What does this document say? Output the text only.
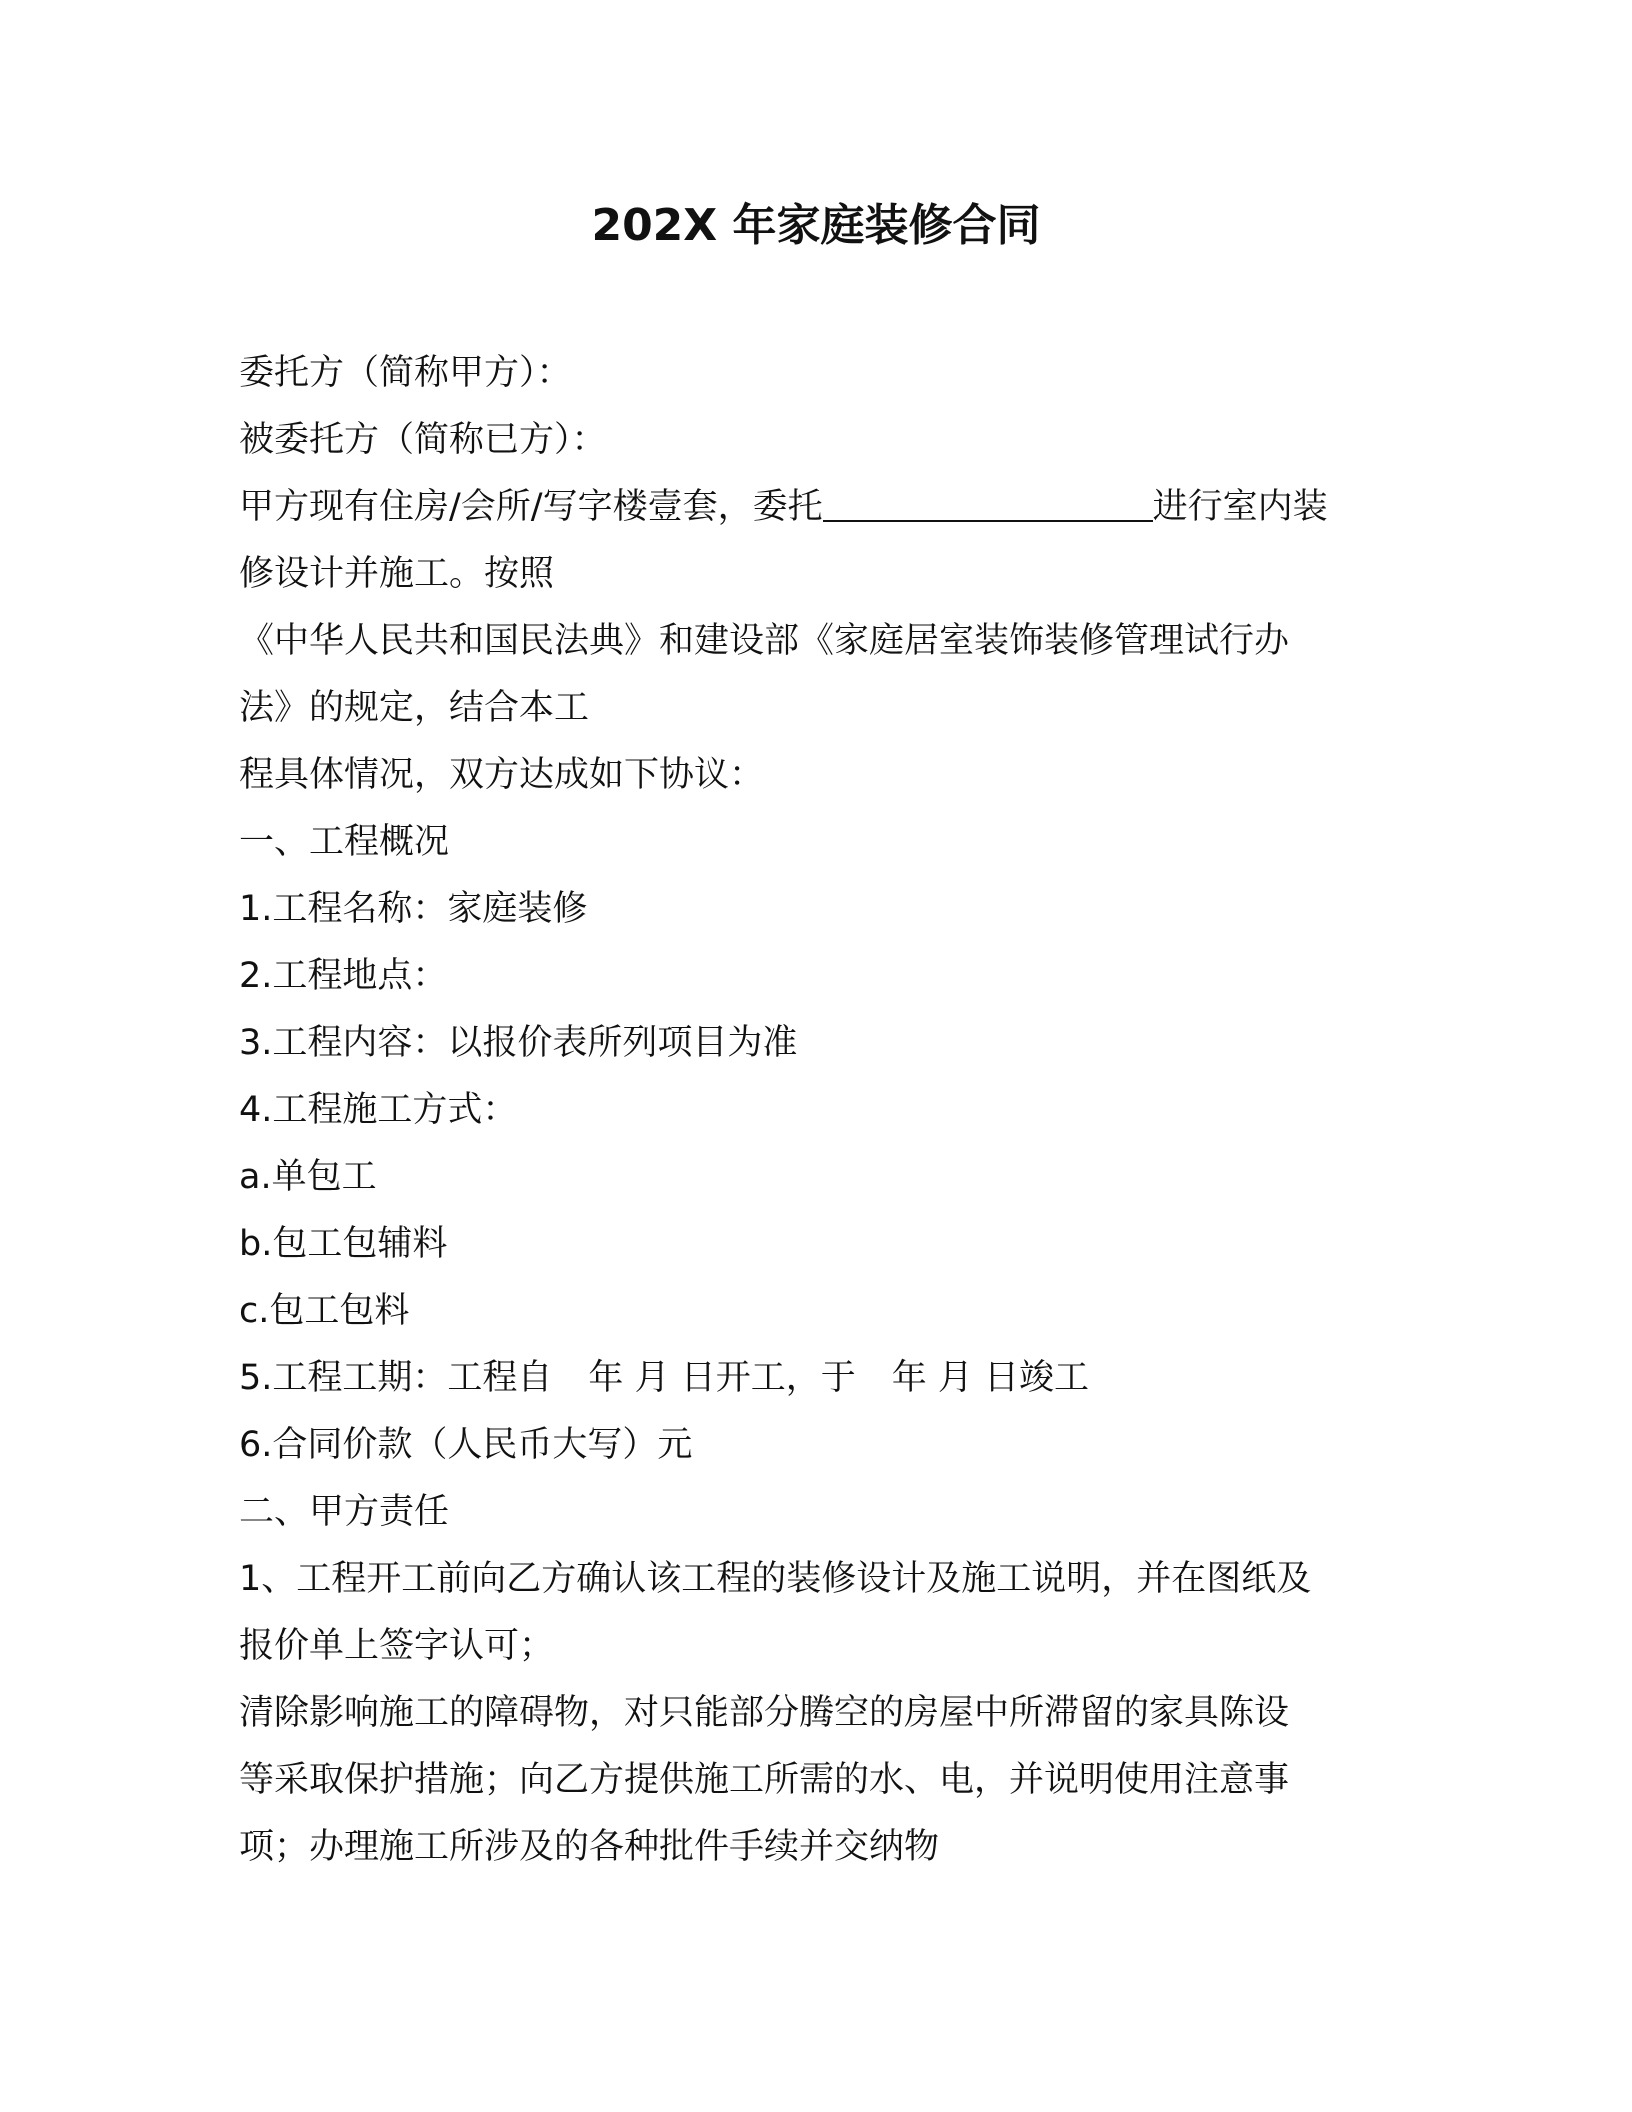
202X 年家庭装修合同
委托方（简称甲方）：
被委托方（简称已方）：
甲方现有住房/会所/写字楼壹套，委托	进行室内装
修设计并施工。按照
《中华人民共和国民法典》和建设部《家庭居室装饰装修管理试行办
法》的规定，结合本工
程具体情况，双方达成如下协议：
一、工程概况
1.工程名称：家庭装修
2.工程地点：
3.工程内容：以报价表所列项目为准
4.工程施工方式：
a.单包工
b.包工包辅料
c.包工包料
5.工程工期：工程自 年 月 日开工，于 年 月 日竣工
6.合同价款（人民币大写）元
二、甲方责任
1、工程开工前向乙方确认该工程的装修设计及施工说明，并在图纸及
报价单上签字认可；
清除影响施工的障碍物，对只能部分腾空的房屋中所滞留的家具陈设
等采取保护措施；向乙方提供施工所需的水、电，并说明使用注意事
项；办理施工所涉及的各种批件手续并交纳物
